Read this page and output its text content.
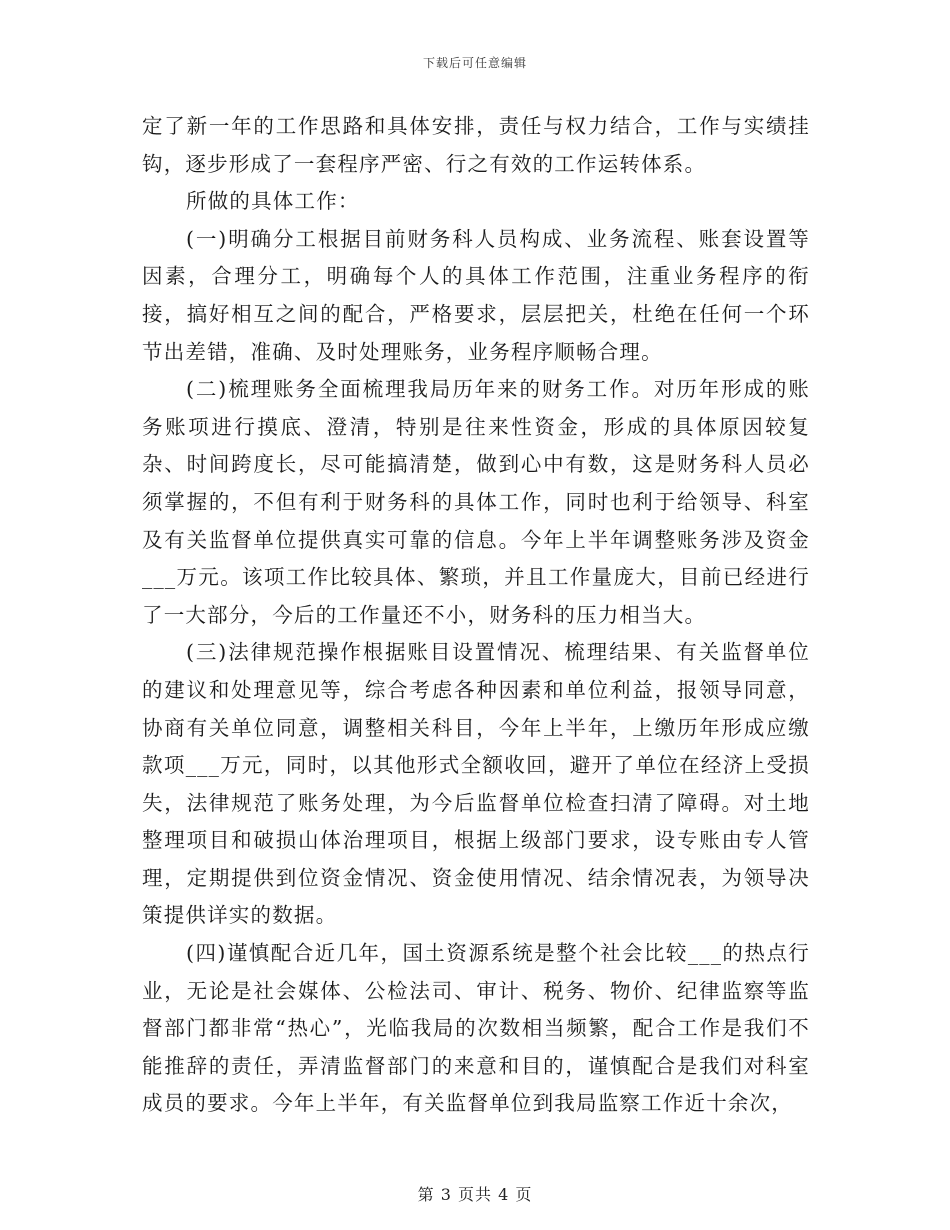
下载后可任意编辑

定了新一年的工作思路和具体安排，责任与权力结合，工作与实绩挂钩，逐步形成了一套程序严密、行之有效的工作运转体系。

所做的具体工作：

(一)明确分工根据目前财务科人员构成、业务流程、账套设置等因素，合理分工，明确每个人的具体工作范围，注重业务程序的衔接，搞好相互之间的配合，严格要求，层层把关，杜绝在任何一个环节出差错，准确、及时处理账务，业务程序顺畅合理。

(二)梳理账务全面梳理我局历年来的财务工作。对历年形成的账务账项进行摸底、澄清，特别是往来性资金，形成的具体原因较复杂、时间跨度长，尽可能搞清楚，做到心中有数，这是财务科人员必须掌握的，不但有利于财务科的具体工作，同时也利于给领导、科室及有关监督单位提供真实可靠的信息。今年上半年调整账务涉及资金___万元。该项工作比较具体、繁琐，并且工作量庞大，目前已经进行了一大部分，今后的工作量还不小，财务科的压力相当大。

(三)法律规范操作根据账目设置情况、梳理结果、有关监督单位的建议和处理意见等，综合考虑各种因素和单位利益，报领导同意，协商有关单位同意，调整相关科目，今年上半年，上缴历年形成应缴款项___万元，同时，以其他形式全额收回，避开了单位在经济上受损失，法律规范了账务处理，为今后监督单位检查扫清了障碍。对土地整理项目和破损山体治理项目，根据上级部门要求，设专账由专人管理，定期提供到位资金情况、资金使用情况、结余情况表，为领导决策提供详实的数据。

(四)谨慎配合近几年，国土资源系统是整个社会比较___的热点行业，无论是社会媒体、公检法司、审计、税务、物价、纪律监察等监督部门都非常“热心”，光临我局的次数相当频繁，配合工作是我们不能推辞的责任，弄清监督部门的来意和目的，谨慎配合是我们对科室成员的要求。今年上半年，有关监督单位到我局监察工作近十余次，

第 3 页共 4 页
